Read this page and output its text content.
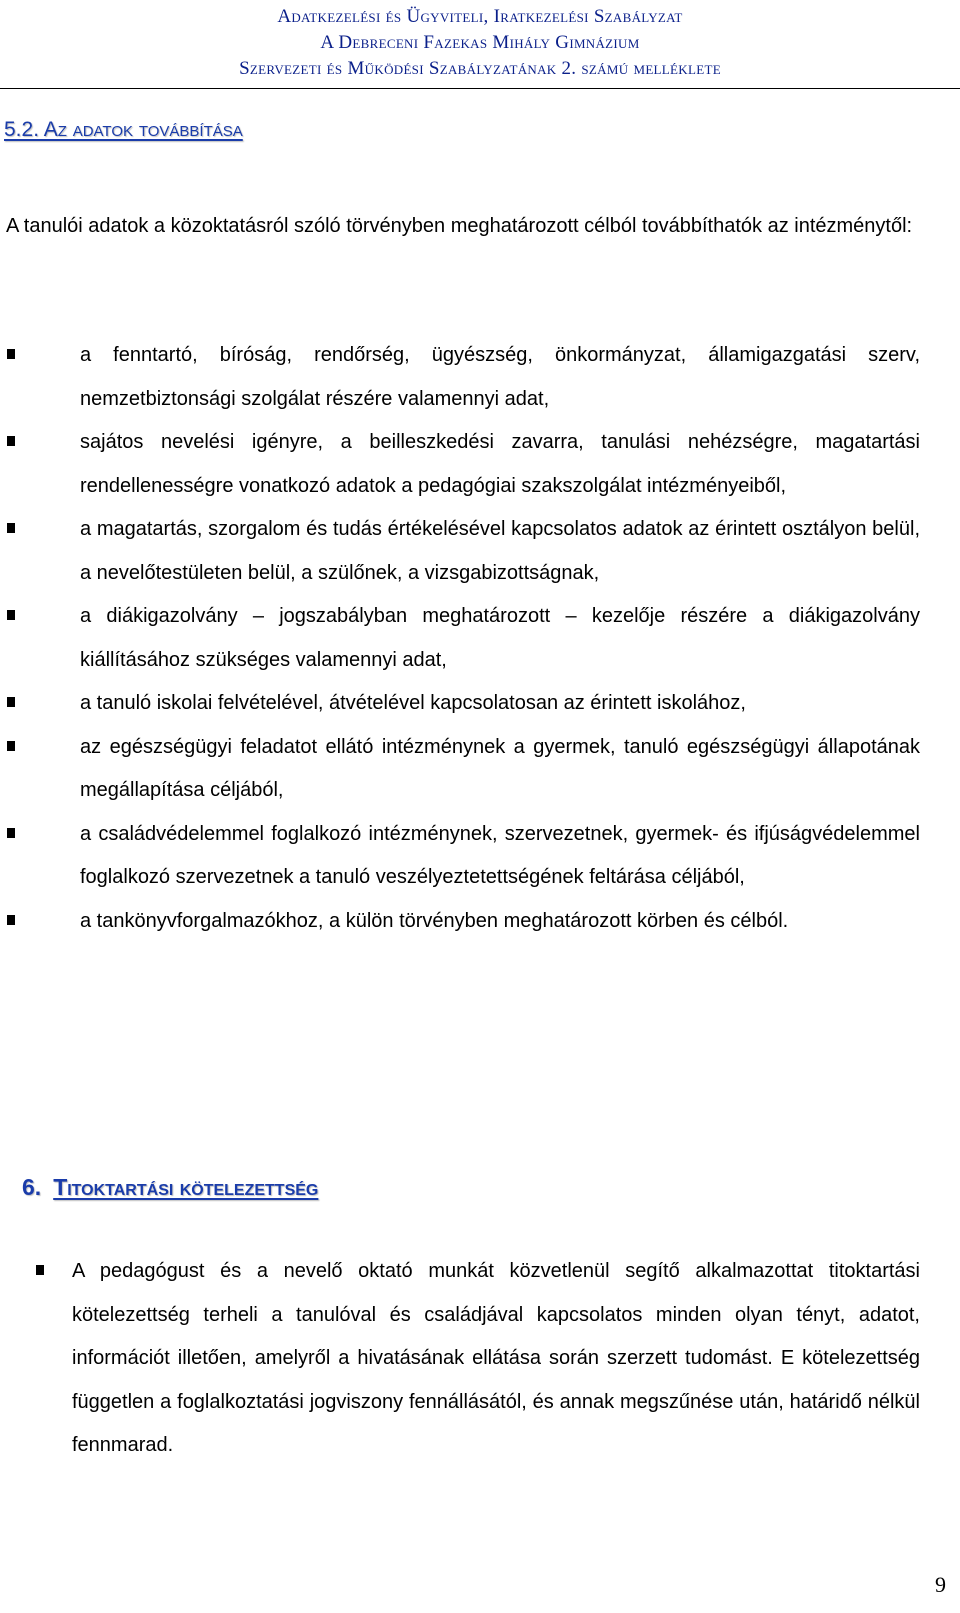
Adatkezelési és Ügyviteli, Iratkezelési Szabályzat
A Debreceni Fazekas Mihály Gimnázium
Szervezeti és Működési Szabályzatának 2. számú melléklete
5.2. Az adatok továbbítása
A tanulói adatok a közoktatásról szóló törvényben meghatározott célból továbbíthatók az intézménytől:
a fenntartó, bíróság, rendőrség, ügyészség, önkormányzat, államigazgatási szerv, nemzetbiztonsági szolgálat részére valamennyi adat,
sajátos nevelési igényre, a beilleszkedési zavarra, tanulási nehézségre, magatartási rendellenességre vonatkozó adatok a pedagógiai szakszolgálat intézményeiből,
a magatartás, szorgalom és tudás értékelésével kapcsolatos adatok az érintett osztályon belül, a nevelőtestületen belül, a szülőnek, a vizsgabizottságnak,
a diákigazolvány – jogszabályban meghatározott – kezelője részére a diákigazolvány kiállításához szükséges valamennyi adat,
a tanuló iskolai felvételével, átvételével kapcsolatosan az érintett iskolához,
az egészségügyi feladatot ellátó intézménynek a gyermek, tanuló egészségügyi állapotának megállapítása céljából,
a családvédelemmel foglalkozó intézménynek, szervezetnek, gyermek- és ifjúságvédelemmel foglalkozó szervezetnek a tanuló veszélyeztetettségének feltárása céljából,
a tankönyvforgalmazókhoz, a külön törvényben meghatározott körben és célból.
6. Titoktartási kötelezettség
A pedagógust és a nevelő oktató munkát közvetlenül segítő alkalmazottat titoktartási kötelezettség terheli a tanulóval és családjával kapcsolatos minden olyan tényt, adatot, információt illetően, amelyről a hivatásának ellátása során szerzett tudomást. E kötelezettség független a foglalkoztatási jogviszony fennállásától, és annak megszűnése után, határidő nélkül fennmarad.
9
